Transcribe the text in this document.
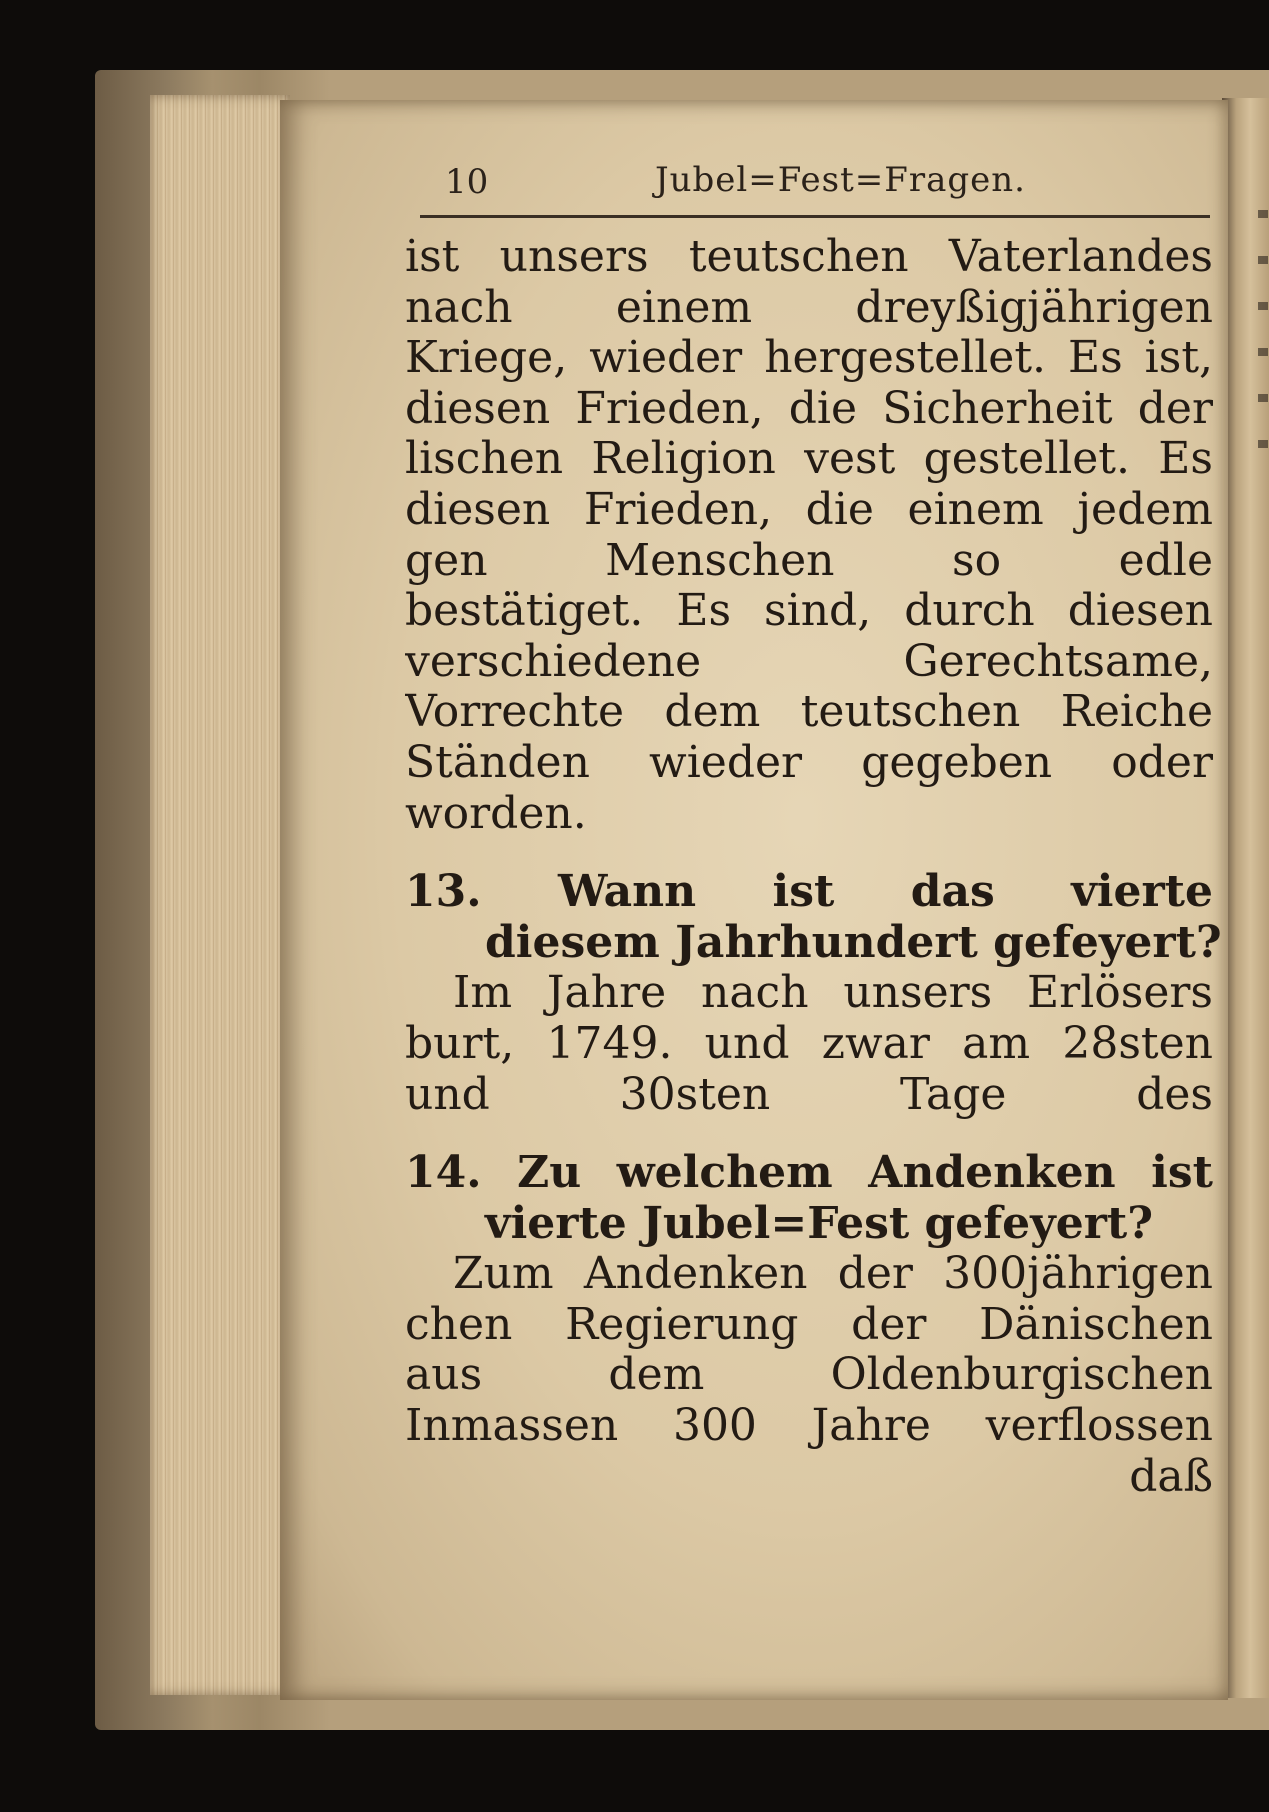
10	Jubel=Fest=Fragen.
ist unsers teutschen Vaterlandes
nach einem dreyßigjährigen
Kriege, wieder hergestellet. Es ist,
diesen Frieden, die Sicherheit der
lischen Religion vest gestellet. Es
diesen Frieden, die einem jedem
gen Menschen so edle
bestätiget. Es sind, durch diesen
verschiedene Gerechtsame,
Vorrechte dem teutschen Reiche
Ständen wieder gegeben oder
worden.
13. Wann ist das vierte
diesem Jahrhundert gefeyert?
Im Jahre nach unsers Erlösers
burt, 1749. und zwar am 28sten
und 30sten Tage des
14. Zu welchem Andenken ist
vierte Jubel=Fest gefeyert?
Zum Andenken der 300jährigen
chen Regierung der Dänischen
aus dem Oldenburgischen
Inmassen 300 Jahre verflossen
daß
